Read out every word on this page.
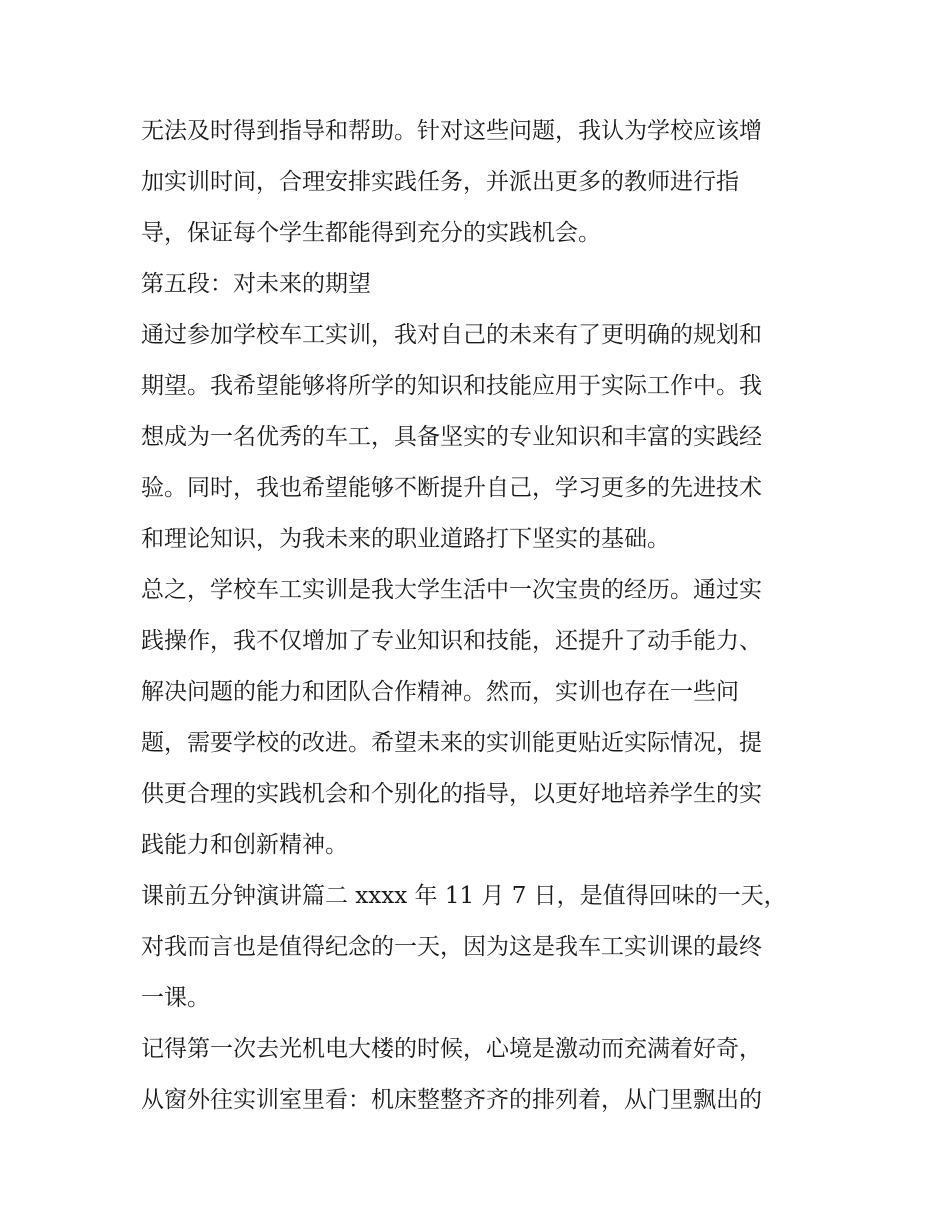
无法及时得到指导和帮助。针对这些问题，我认为学校应该增
加实训时间，合理安排实践任务，并派出更多的教师进行指
导，保证每个学生都能得到充分的实践机会。
第五段：对未来的期望
通过参加学校车工实训，我对自己的未来有了更明确的规划和
期望。我希望能够将所学的知识和技能应用于实际工作中。我
想成为一名优秀的车工，具备坚实的专业知识和丰富的实践经
验。同时，我也希望能够不断提升自己，学习更多的先进技术
和理论知识，为我未来的职业道路打下坚实的基础。
总之，学校车工实训是我大学生活中一次宝贵的经历。通过实
践操作，我不仅增加了专业知识和技能，还提升了动手能力、
解决问题的能力和团队合作精神。然而，实训也存在一些问
题，需要学校的改进。希望未来的实训能更贴近实际情况，提
供更合理的实践机会和个别化的指导，以更好地培养学生的实
践能力和创新精神。
课前五分钟演讲篇二 xxxx 年 11 月 7 日，是值得回味的一天，
对我而言也是值得纪念的一天，因为这是我车工实训课的最终
一课。
记得第一次去光机电大楼的时候，心境是激动而充满着好奇，
从窗外往实训室里看：机床整整齐齐的排列着，从门里飘出的
